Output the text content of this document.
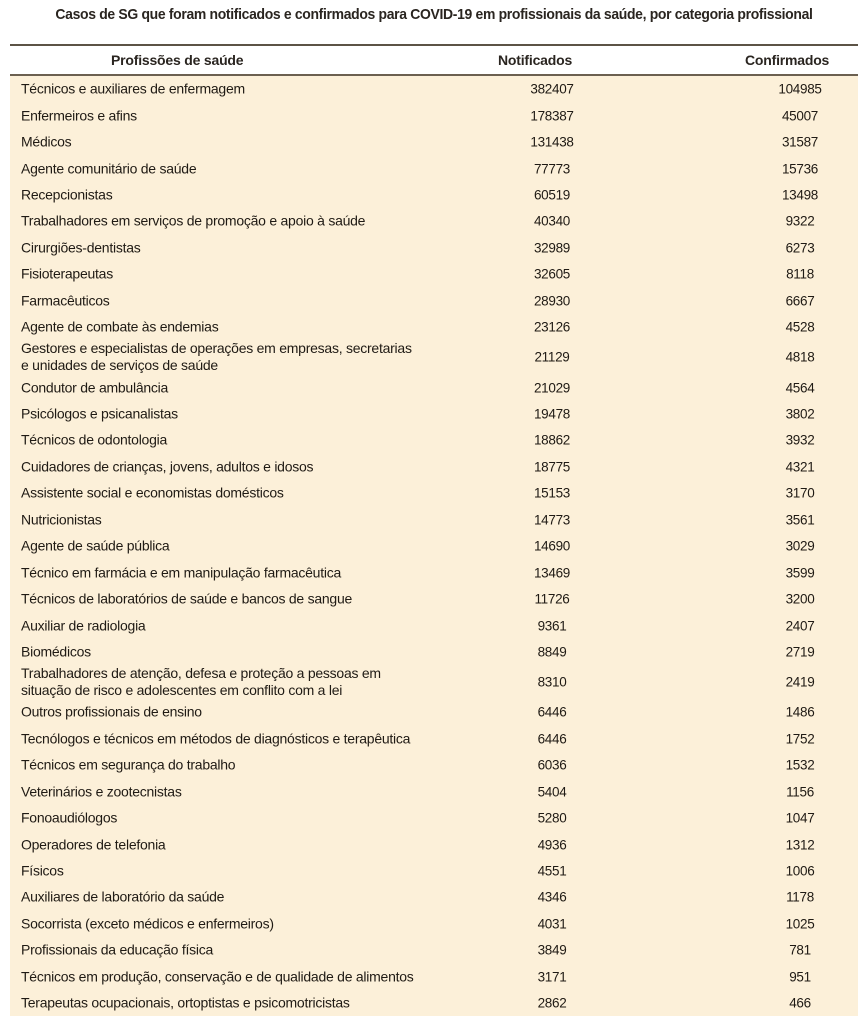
Casos de SG que foram notificados e confirmados para COVID-19 em profissionais da saúde, por categoria profissional
Profissões de saúde	Notificados	Confirmados
Técnicos e auxiliares de enfermagem	382407	104985
Enfermeiros e afins	178387	45007
Médicos	131438	31587
Agente comunitário de saúde	77773	15736
Recepcionistas	60519	13498
Trabalhadores em serviços de promoção e apoio à saúde	40340	9322
Cirurgiões-dentistas	32989	6273
Fisioterapeutas	32605	8118
Farmacêuticos	28930	6667
Agente de combate às endemias	23126	4528
Gestores e especialistas de operações em empresas, secretarias
e unidades de serviços de saúde	21129	4818
Condutor de ambulância	21029	4564
Psicólogos e psicanalistas	19478	3802
Técnicos de odontologia	18862	3932
Cuidadores de crianças, jovens, adultos e idosos	18775	4321
Assistente social e economistas domésticos	15153	3170
Nutricionistas	14773	3561
Agente de saúde pública	14690	3029
Técnico em farmácia e em manipulação farmacêutica	13469	3599
Técnicos de laboratórios de saúde e bancos de sangue	11726	3200
Auxiliar de radiologia	9361	2407
Biomédicos	8849	2719
Trabalhadores de atenção, defesa e proteção a pessoas em
situação de risco e adolescentes em conflito com a lei	8310	2419
Outros profissionais de ensino	6446	1486
Tecnólogos e técnicos em métodos de diagnósticos e terapêutica	6446	1752
Técnicos em segurança do trabalho	6036	1532
Veterinários e zootecnistas	5404	1156
Fonoaudiólogos	5280	1047
Operadores de telefonia	4936	1312
Físicos	4551	1006
Auxiliares de laboratório da saúde	4346	1178
Socorrista (exceto médicos e enfermeiros)	4031	1025
Profissionais da educação física	3849	781
Técnicos em produção, conservação e de qualidade de alimentos	3171	951
Terapeutas ocupacionais, ortoptistas e psicomotricistas	2862	466
